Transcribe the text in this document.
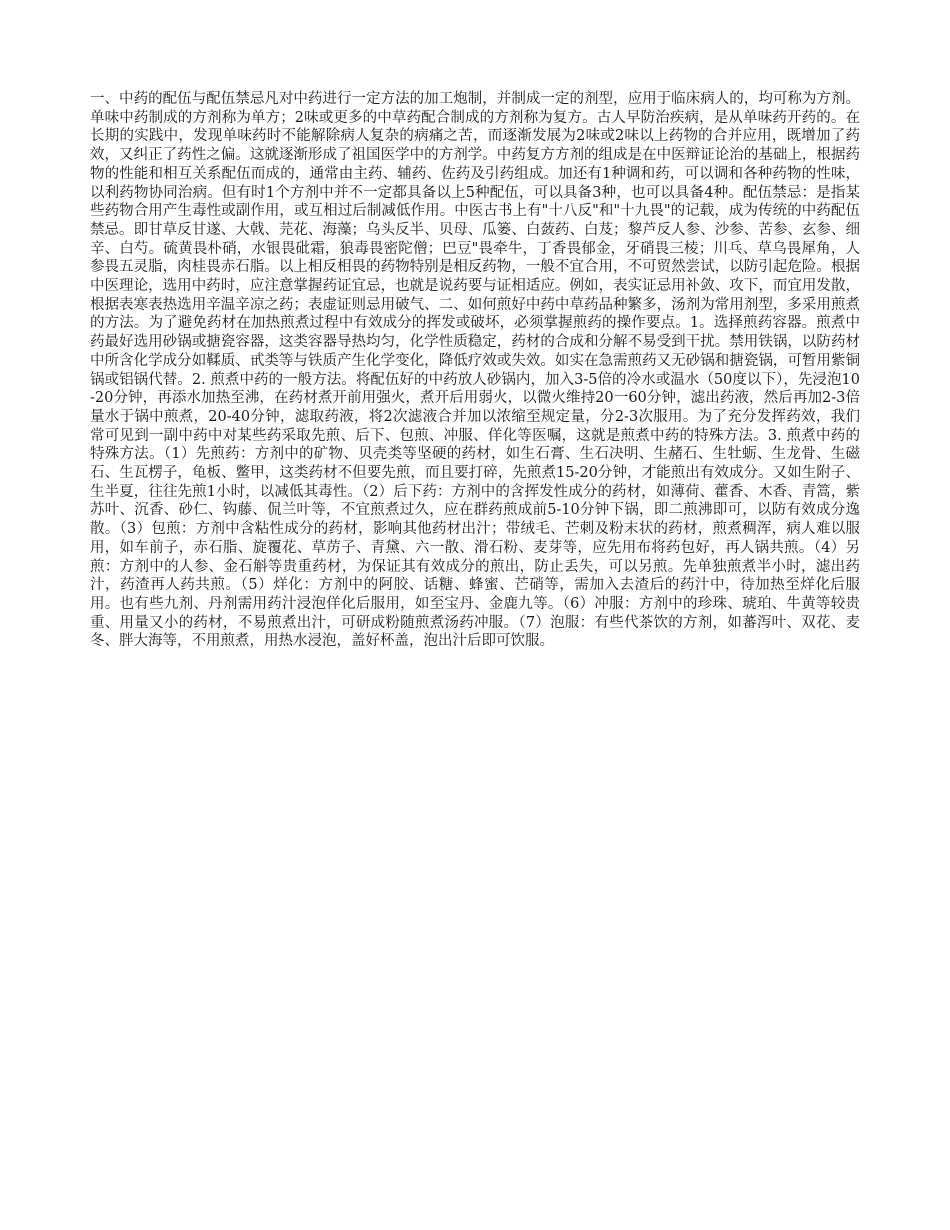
一、中药的配伍与配伍禁忌凡对中药进行一定方法的加工炮制，并制成一定的剂型，应用于临床病人的，均可称为方剂。单味中药制成的方剂称为单方；2味或更多的中草药配合制成的方剂称为复方。古人早防治疾病，是从单味药开药的。在长期的实践中，发现单味药时不能解除病人复杂的病痛之苦，而逐渐发展为2味或2味以上药物的合并应用，既增加了药效，又纠正了药性之偏。这就逐渐形成了祖国医学中的方剂学。中药复方方剂的组成是在中医辩证论治的基础上，根据药物的性能和相互关系配伍而成的，通常由主药、辅药、佐药及引药组成。加还有1种调和药，可以调和各种药物的性味，以利药物协同治病。但有时1个方剂中并不一定都具备以上5种配伍，可以具备3种，也可以具备4种。配伍禁忌：是指某些药物合用产生毒性或副作用，或互相过后制减低作用。中医古书上有"十八反"和"十九畏"的记载，成为传统的中药配伍禁忌。即甘草反甘遂、大戟、芫花、海藻；乌头反半、贝母、瓜篓、白蔹药、白芨；黎芦反人参、沙参、苦参、玄参、细辛、白芍。硫黄畏朴硝，水银畏砒霜，狼毒畏密陀僧；巴豆"畏牵牛，丁香畏郁金，牙硝畏三棱；川乓、草乌畏犀角，人参畏五灵脂，肉桂畏赤石脂。以上相反相畏的药物特别是相反药物，一般不宜合用，不可贸然尝试，以防引起危险。根据中医理论，选用中药时，应注意掌握药证宜忌，也就是说药要与证相适应。例如，表实证忌用补敛、攻下，而宜用发散，根据表寒表热选用辛温辛凉之药；表虚证则忌用破气、二、如何煎好中药中草药品种繁多，汤剂为常用剂型，多采用煎煮的方法。为了避免药材在加热煎煮过程中有效成分的挥发或破坏，必须掌握煎药的操作要点。1。选择煎药容器。煎煮中药最好选用砂锅或搪瓷容器，这类容器导热均匀，化学性质稳定，药材的合成和分解不易受到干扰。禁用铁锅，以防药材中所含化学成分如鞣质、甙类等与铁质产生化学变化，降低疗效或失效。如实在急需煎药又无砂锅和搪瓷锅，可暂用紫铜锅或铝锅代替。2. 煎煮中药的一般方法。将配伍好的中药放人砂锅内，加入3-5倍的冷水或温水（50度以下），先浸泡10-20分钟，再添水加热至沸，在药材煮开前用强火，煮开后用弱火，以微火维持20一60分钟，滤出药液，然后再加2-3倍量水于锅中煎煮，20-40分钟，滤取药液，将2次滤液合并加以浓缩至规定量，分2-3次服用。为了充分发挥药效，我们常可见到一副中药中对某些药采取先煎、后下、包煎、冲服、佯化等医嘱，这就是煎煮中药的特殊方法。3. 煎煮中药的特殊方法。（1）先煎药：方剂中的矿物、贝壳类等坚硬的药材，如生石膏、生石决明、生赭石、生牡蛎、生龙骨、生磁石、生瓦楞子，龟板、鳖甲，这类药材不但要先煎，而且要打碎，先煎煮15-20分钟，才能煎出有效成分。又如生附子、生半夏，往往先煎1小时，以减低其毒性。（2）后下药：方剂中的含挥发性成分的药材，如薄荷、藿香、木香、青篙，紫苏叶、沉香、砂仁、钩藤、侃兰叶等，不宜煎煮过久，应在群药煎成前5-10分钟下锅，即二煎沸即可，以防有效成分逸散。（3）包煎：方剂中含粘性成分的药材，影响其他药材出汁；带绒毛、芒刺及粉末状的药材，煎煮稠浑，病人难以服用，如车前子，赤石脂、旋覆花、草苈子、青黛、六一散、滑石粉、麦芽等，应先用布将药包好，再人锅共煎。（4）另煎：方剂中的人参、金石斛等贵重药材，为保证其有效成分的煎出，防止丢失，可以另煎。先单独煎煮半小时，滤出药汁，药渣再人药共煎。（5）烊化：方剂中的阿胶、话糖、蜂蜜、芒硝等，需加入去渣后的药汁中，待加热至烊化后服用。也有些九剂、丹剂需用药汁浸泡佯化后服用，如至宝丹、金鹿九等。（6）冲服：方剂中的珍珠、琥珀、牛黄等较贵重、用量又小的药材，不易煎煮出汁，可研成粉随煎煮汤药冲服。（7）泡服：有些代茶饮的方剂，如蕃泻叶、双花、麦冬、胖大海等，不用煎煮，用热水浸泡，盖好杯盖，泡出汁后即可饮服。
